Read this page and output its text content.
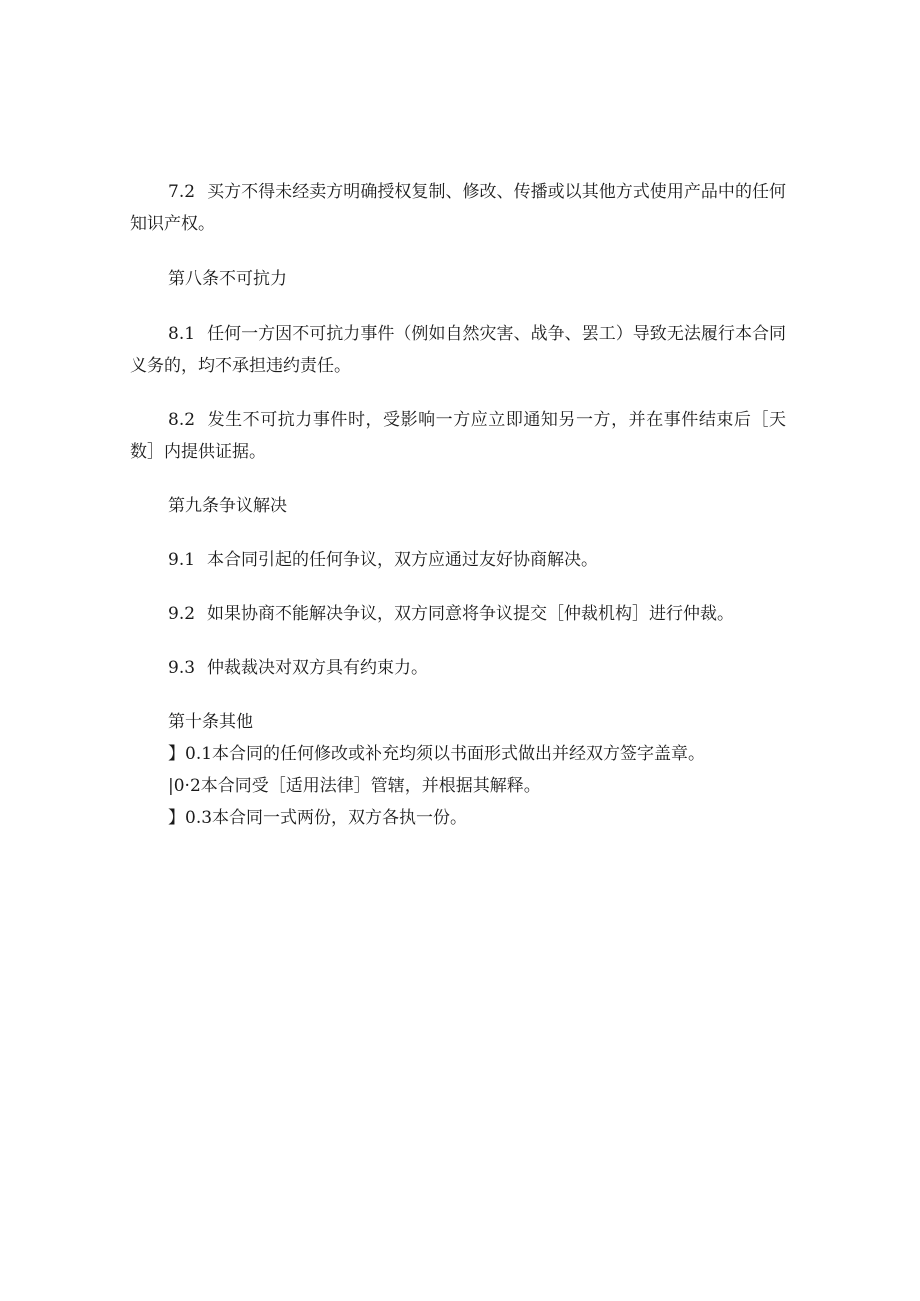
7.2 买方不得未经卖方明确授权复制、修改、传播或以其他方式使用产品中的任何知识产权。

第八条不可抗力

8.1 任何一方因不可抗力事件（例如自然灾害、战争、罢工）导致无法履行本合同义务的，均不承担违约责任。

8.2 发生不可抗力事件时，受影响一方应立即通知另一方，并在事件结束后［天数］内提供证据。

第九条争议解决

9.1 本合同引起的任何争议，双方应通过友好协商解决。

9.2 如果协商不能解决争议，双方同意将争议提交［仲裁机构］进行仲裁。

9.3 仲裁裁决对双方具有约束力。

第十条其他

】0.1本合同的任何修改或补充均须以书面形式做出并经双方签字盖章。

|0·2本合同受［适用法律］管辖，并根据其解释。

】0.3本合同一式两份，双方各执一份。
